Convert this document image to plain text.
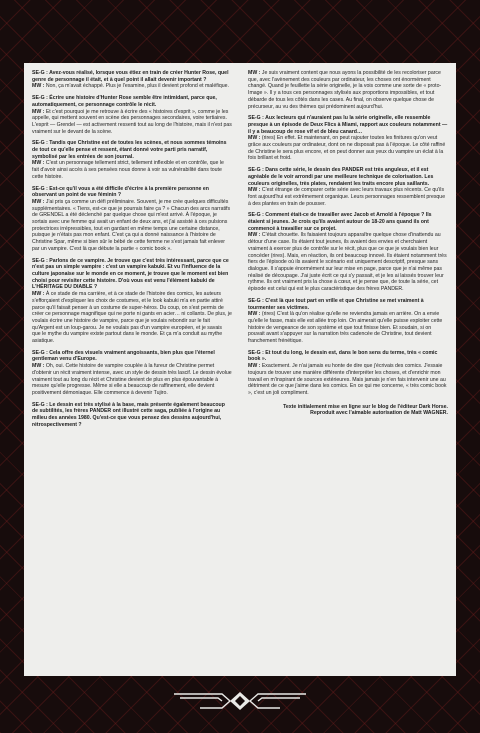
SE-G : Avez-vous réalisé, lorsque vous étiez en train de créer Hunter Rose, quel genre de personnage il était, et à quel point il allait devenir important ?
MW : Non, ça m'avait échappé. Plus je l'examine, plus il devient profond et maléfique.
SE-G : Écrire une histoire d'Hunter Rose semble être intimidant, parce que, automatiquement, ce personnage contrôle le récit.
MW : Et c'est pourquoi je me retrouve à écrire des « histoires d'esprit », comme je les appelle, qui mettent souvent en scène des personnages secondaires, voire tertiaires. L'esprit — Grendel — est activement ressenti tout au long de l'histoire, mais il n'est pas vraiment sur le devant de la scène.
SE-G : Tandis que Christine est de toutes les scènes, et nous sommes témoins de tout ce qu'elle pense et ressent, étant donné votre parti pris narratif, symbolisé par les entrées de son journal.
MW : C'est un personnage tellement strict, tellement inflexible et en contrôle, que le fait d'avoir ainsi accès à ses pensées nous donne à voir sa vulnérabilité dans toute cette histoire.
SE-G : Est-ce qu'il vous a été difficile d'écrire à la première personne en observant un point de vue féminin ?
MW : J'ai pris ça comme un défi préliminaire. Souvent, je me crée quelques difficultés supplémentaires. « Tiens, est-ce que je pourrais faire ça ? » Chacun des arcs narratifs de GRENDEL a été déclenché par quelque chose qui m'est arrivé. À l'époque, je sortais avec une femme qui avait un enfant de deux ans, et j'ai assisté à ces pulsions protectrices irrépressibles, tout en gardant en même temps une certaine distance, puisque je n'étais pas mon enfant. C'est ça qui a donné naissance à l'histoire de Christine Spar, même si bien sûr le bébé de cette femme ne s'est jamais fait enlever par un vampire. C'est là que débute la partie « comic book ».
SE-G : Parlons de ce vampire. Je trouve que c'est très intéressant, parce que ce n'est pas un simple vampire : c'est un vampire kabuki. Et vu l'influence de la culture japonaise sur le monde en ce moment, je trouve que le moment est bien choisi pour revisiter cette histoire. D'où vous est venu l'élément kabuki de L'HÉRITAGE DU DIABLE ?
MW : À ce stade de ma carrière, et à ce stade de l'histoire des comics, les auteurs s'efforçaient d'expliquer les choix de costumes, et le look kabuki m'a en partie attiré parce qu'il faisait penser à un costume de super-héros. Du coup, on s'est permis de créer ce personnage magnifique qui ne porte ni gants en acier… ni collants. De plus, je voulais écrire une histoire de vampire, parce que je voulais rebondir sur le fait qu'Argent est un loup-garou. Je ne voulais pas d'un vampire européen, et je savais que le mythe du vampire existe partout dans le monde. Et ça m'a conduit au mythe asiatique.
SE-G : Cela offre des visuels vraiment angoissants, bien plus que l'éternel gentleman venu d'Europe.
MW : Oh, oui. Cette histoire de vampire couplée à la fureur de Christine permet d'obtenir un récit vraiment intense, avec un style de dessin très lascif. Le dessin évolue vraiment tout au long du récit et Christine devient de plus en plus épouvantable à mesure qu'elle progresse. Même si elle a beaucoup de raffinement, elle devient positivement démoniaque. Elle commence à devenir Tujiro.
SE-G : Le dessin est très stylisé à la base, mais présente également beaucoup de subtilités, les frères PANDER ont illustré cette saga, publiée à l'origine au milieu des années 1980. Qu'est-ce que vous pensez des dessins aujourd'hui, rétrospectivement ?
MW : Je suis vraiment content que nous ayons la possibilité de les recoloriser parce que, avec l'avènement des couleurs par ordinateur, les choses ont énormément changé. Quand je feuillette la série originelle, je la vois comme une sorte de « proto-Image ». Il y a tous ces personnages stylisés aux proportions impossibles, et tout débarde de tous les côtés dans les cases. Au final, on observe quelque chose de précurseur, au vu des thèmes qui prédominent aujourd'hui.
SE-G : Aux lecteurs qui n'auraient pas lu la série originelle, elle ressemble presque à un épisode de Deux Flics à Miami, rapport aux couleurs notamment — il y a beaucoup de rose vif et de bleu canard…
MW : (rires) En effet. Et maintenant, on peut rajouter toutes les finitures qu'on veut grâce aux couleurs par ordinateur, dont on ne disposait pas à l'époque. Le côté raffiné de Christine le sera plus encore, et on peut donner aux yeux du vampire un éclat à la fois brillant et froid.
SE-G : Dans cette série, le dessin des PANDER est très anguleux, et il est agréable de le voir arrondi par une meilleure technique de colorisation. Les couleurs originelles, très plates, rendaient les traits encore plus saillants.
MW : C'est étrange de comparer cette série avec leurs travaux plus récents. Ce qu'ils font aujourd'hui est extrêmement organique. Leurs personnages ressemblent presque à des plantes en train de pousser.
SE-G : Comment était-ce de travailler avec Jacob et Arnold à l'époque ? Ils étaient si jeunes. Je crois qu'ils avaient autour de 18-20 ans quand ils ont commencé à travailler sur ce projet.
MW : C'était chouette. Ils faisaient toujours apparaître quelque chose d'inattendu au détour d'une case. Ils étaient tout jeunes, ils avaient des envies et cherchaient vraiment à exercer plus de contrôle sur le récit, plus que ce que je voulais bien leur concéder (rires). Mais, en réaction, ils ont beaucoup innové. Ils étaient notamment très fiers de l'épisode où ils avaient le scénario est uniquement descriptif, presque sans dialogue. Il s'appuie énormément sur leur mise en page, parce que je n'ai même pas réalisé de découpage. J'ai juste écrit ce qui s'y passait, et je les ai laissés trouver leur rythme. Ils ont vraiment pris la chose à cœur, et je pense que, de toute la série, cet épisode est celui qui est le plus caractéristique des frères PANDER.
SE-G : C'est là que tout part en vrille et que Christine se met vraiment à tourmenter ses victimes.
MW : (rires) C'est là qu'on réalise qu'elle ne reviendra jamais en arrière. On a envie qu'elle le fasse, mais elle est allée trop loin. On aimerait qu'elle puisse exploiter cette histoire de vengeance de son système et que tout finisse bien. Et soudain, si on pouvait avant s'appuyer sur la narration très cadencée de Christine, tout devient franchement frénétique.
SE-G : Et tout du long, le dessin est, dans le bon sens du terme, très « comic book ».
MW : Exactement. Je n'ai jamais eu honte de dire que j'écrivais des comics. J'essaie toujours de trouver une manière différente d'interpréter les choses, et d'enrichir mon travail en m'inspirant de sources extérieures. Mais jamais je n'en fais intervenir une au détriment de ce que j'aime dans les comics. En ce qui me concerne, « très comic book », c'est un joli compliment.
Texte initialement mise en ligne sur le blog de l'éditeur Dark Horse.
Reproduit avec l'aimable autorisation de Matt WAGNER.
